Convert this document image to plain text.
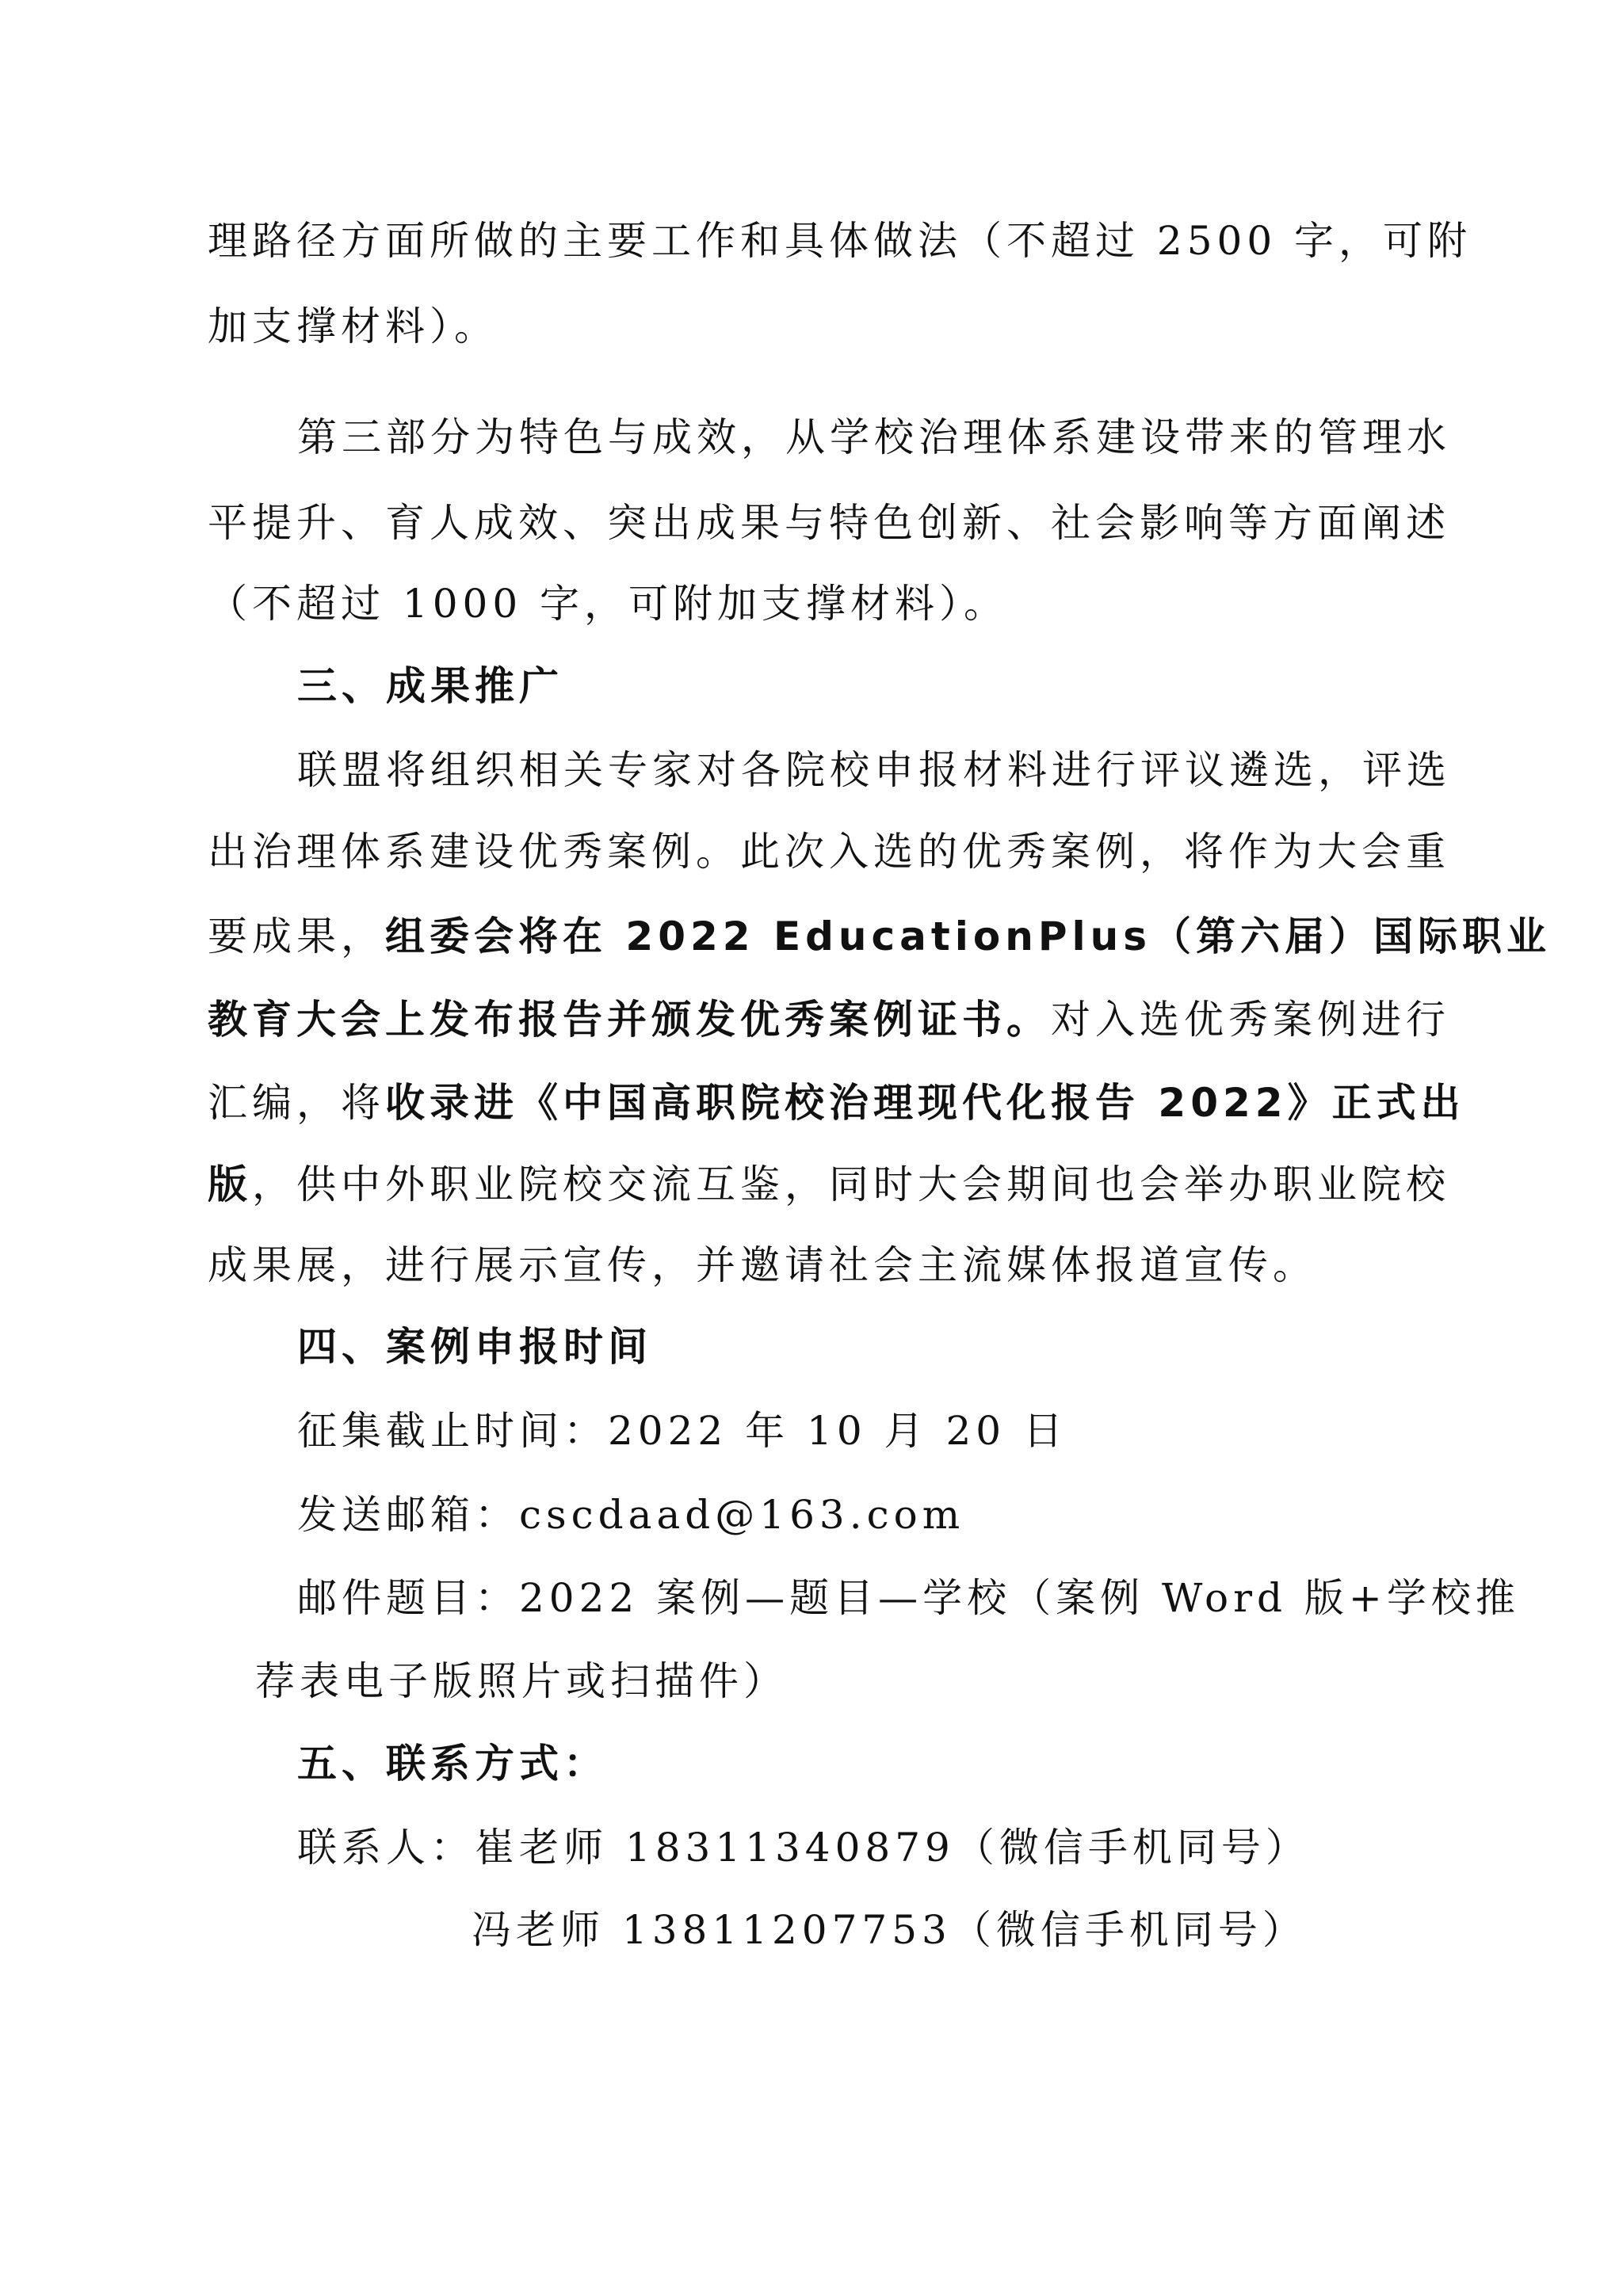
理路径方面所做的主要工作和具体做法（不超过 2500 字，可附
加支撑材料）。
第三部分为特色与成效，从学校治理体系建设带来的管理水
平提升、育人成效、突出成果与特色创新、社会影响等方面阐述
（不超过 1000 字，可附加支撑材料）。
三、成果推广
联盟将组织相关专家对各院校申报材料进行评议遴选，评选
出治理体系建设优秀案例。此次入选的优秀案例，将作为大会重
要成果，组委会将在 2022 EducationPlus（第六届）国际职业
教育大会上发布报告并颁发优秀案例证书。对入选优秀案例进行
汇编，将收录进《中国高职院校治理现代化报告 2022》正式出
版，供中外职业院校交流互鉴，同时大会期间也会举办职业院校
成果展，进行展示宣传，并邀请社会主流媒体报道宣传。
四、案例申报时间
征集截止时间：2022 年 10 月 20 日
发送邮箱：cscdaad@163.com
邮件题目：2022 案例—题目—学校（案例 Word 版+学校推
荐表电子版照片或扫描件）
五、联系方式：
联系人：崔老师 18311340879（微信手机同号）
冯老师 13811207753（微信手机同号）
